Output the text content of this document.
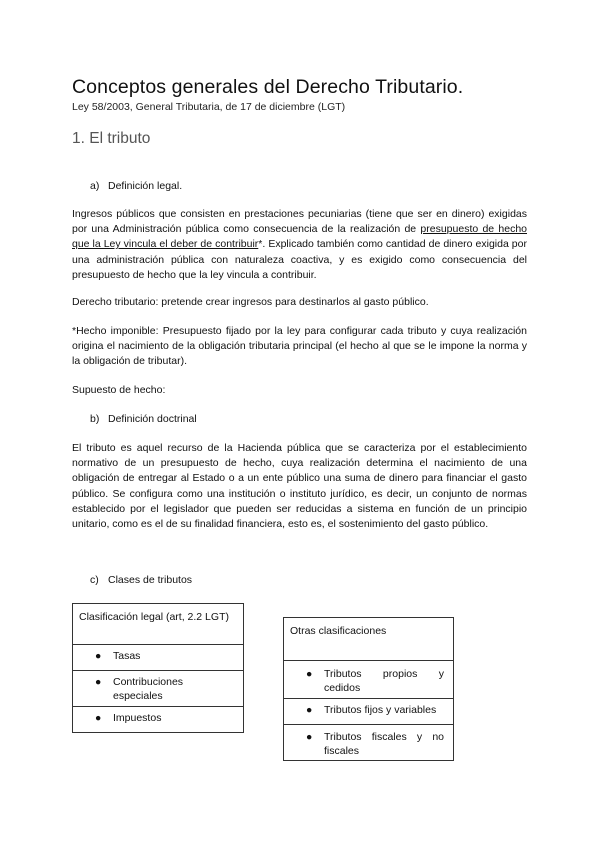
Conceptos generales del Derecho Tributario.
Ley 58/2003, General Tributaria, de 17 de diciembre (LGT)
1. El tributo
a) Definición legal.

Ingresos públicos que consisten en prestaciones pecuniarias (tiene que ser en dinero) exigidas por una Administración pública como consecuencia de la realización de presupuesto de hecho que la Ley vincula el deber de contribuir*. Explicado también como cantidad de dinero exigida por una administración pública con naturaleza coactiva, y es exigido como consecuencia del presupuesto de hecho que la ley vincula a contribuir.

Derecho tributario: pretende crear ingresos para destinarlos al gasto público.

*Hecho imponible: Presupuesto fijado por la ley para configurar cada tributo y cuya realización origina el nacimiento de la obligación tributaria principal (el hecho al que se le impone la norma y la obligación de tributar).

Supuesto de hecho:

b) Definición doctrinal

El tributo es aquel recurso de la Hacienda pública que se caracteriza por el establecimiento normativo de un presupuesto de hecho, cuya realización determina el nacimiento de una obligación de entregar al Estado o a un ente público una suma de dinero para financiar el gasto público. Se configura como una institución o instituto jurídico, es decir, un conjunto de normas establecido por el legislador que pueden ser reducidas a sistema en función de un principio unitario, como es el de su finalidad financiera, esto es, el sostenimiento del gasto público.

c) Clases de tributos
Clasificación legal (art, 2.2 LGT)
● Tasas

●	Contribuciones especiales

● Impuestos
Otras clasificaciones

●	Tributos propios y cedidos

● Tributos fijos y variables

●	Tributos fiscales y no fiscales
